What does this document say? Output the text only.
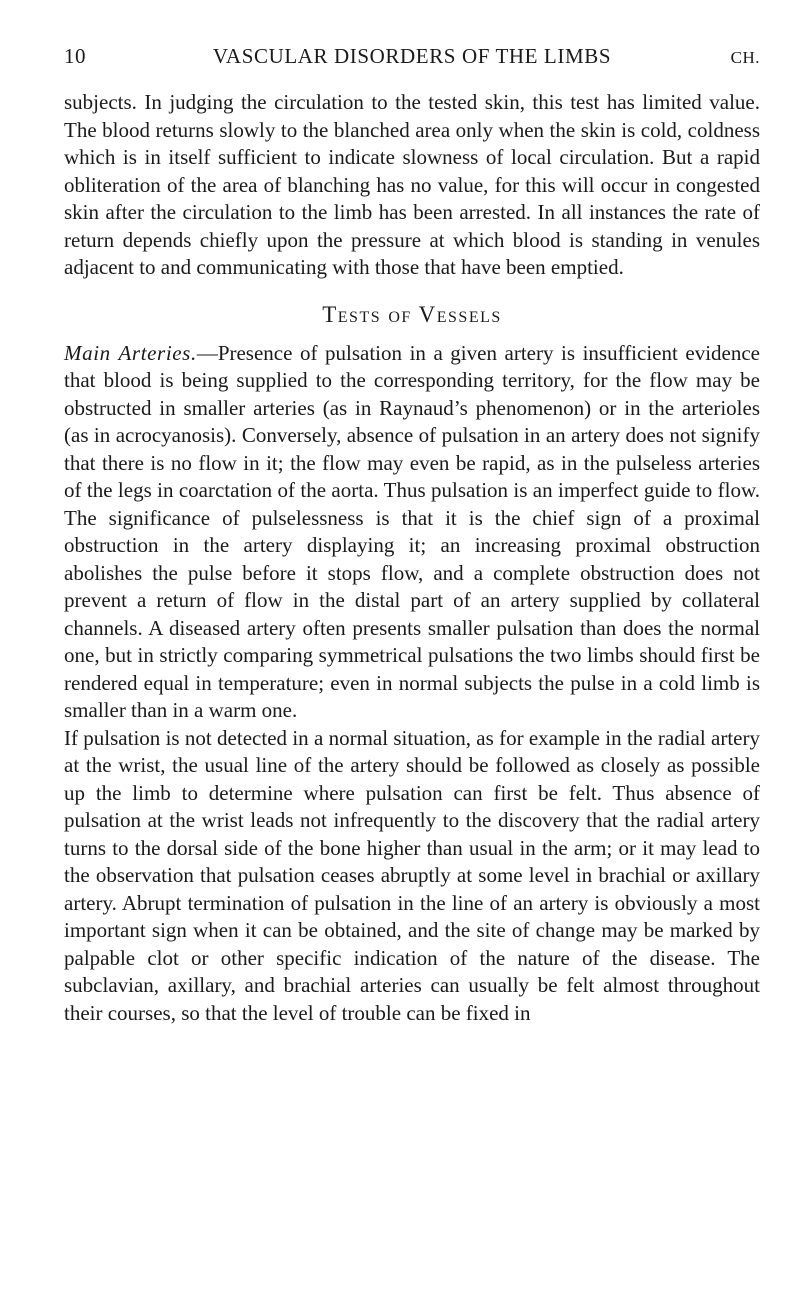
10	VASCULAR DISORDERS OF THE LIMBS	CH.

subjects. In judging the circulation to the tested skin, this test has limited value. The blood returns slowly to the blanched area only when the skin is cold, coldness which is in itself sufficient to indicate slowness of local circulation. But a rapid obliteration of the area of blanching has no value, for this will occur in congested skin after the circulation to the limb has been arrested. In all instances the rate of return depends chiefly upon the pressure at which blood is standing in venules adjacent to and communicating with those that have been emptied.

Tests of Vessels

Main Arteries.—Presence of pulsation in a given artery is insufficient evidence that blood is being supplied to the corresponding territory, for the flow may be obstructed in smaller arteries (as in Raynaud’s phenomenon) or in the arterioles (as in acrocyanosis). Conversely, absence of pulsation in an artery does not signify that there is no flow in it; the flow may even be rapid, as in the pulseless arteries of the legs in coarctation of the aorta. Thus pulsation is an imperfect guide to flow. The significance of pulselessness is that it is the chief sign of a proximal obstruction in the artery displaying it; an increasing proximal obstruction abolishes the pulse before it stops flow, and a complete obstruction does not prevent a return of flow in the distal part of an artery supplied by collateral channels. A diseased artery often presents smaller pulsation than does the normal one, but in strictly comparing symmetrical pulsations the two limbs should first be rendered equal in temperature; even in normal subjects the pulse in a cold limb is smaller than in a warm one.

If pulsation is not detected in a normal situation, as for example in the radial artery at the wrist, the usual line of the artery should be followed as closely as possible up the limb to determine where pulsation can first be felt. Thus absence of pulsation at the wrist leads not infrequently to the discovery that the radial artery turns to the dorsal side of the bone higher than usual in the arm; or it may lead to the observation that pulsation ceases abruptly at some level in brachial or axillary artery. Abrupt termination of pulsation in the line of an artery is obviously a most important sign when it can be obtained, and the site of change may be marked by palpable clot or other specific indication of the nature of the disease. The subclavian, axillary, and brachial arteries can usually be felt almost throughout their courses, so that the level of trouble can be fixed in
